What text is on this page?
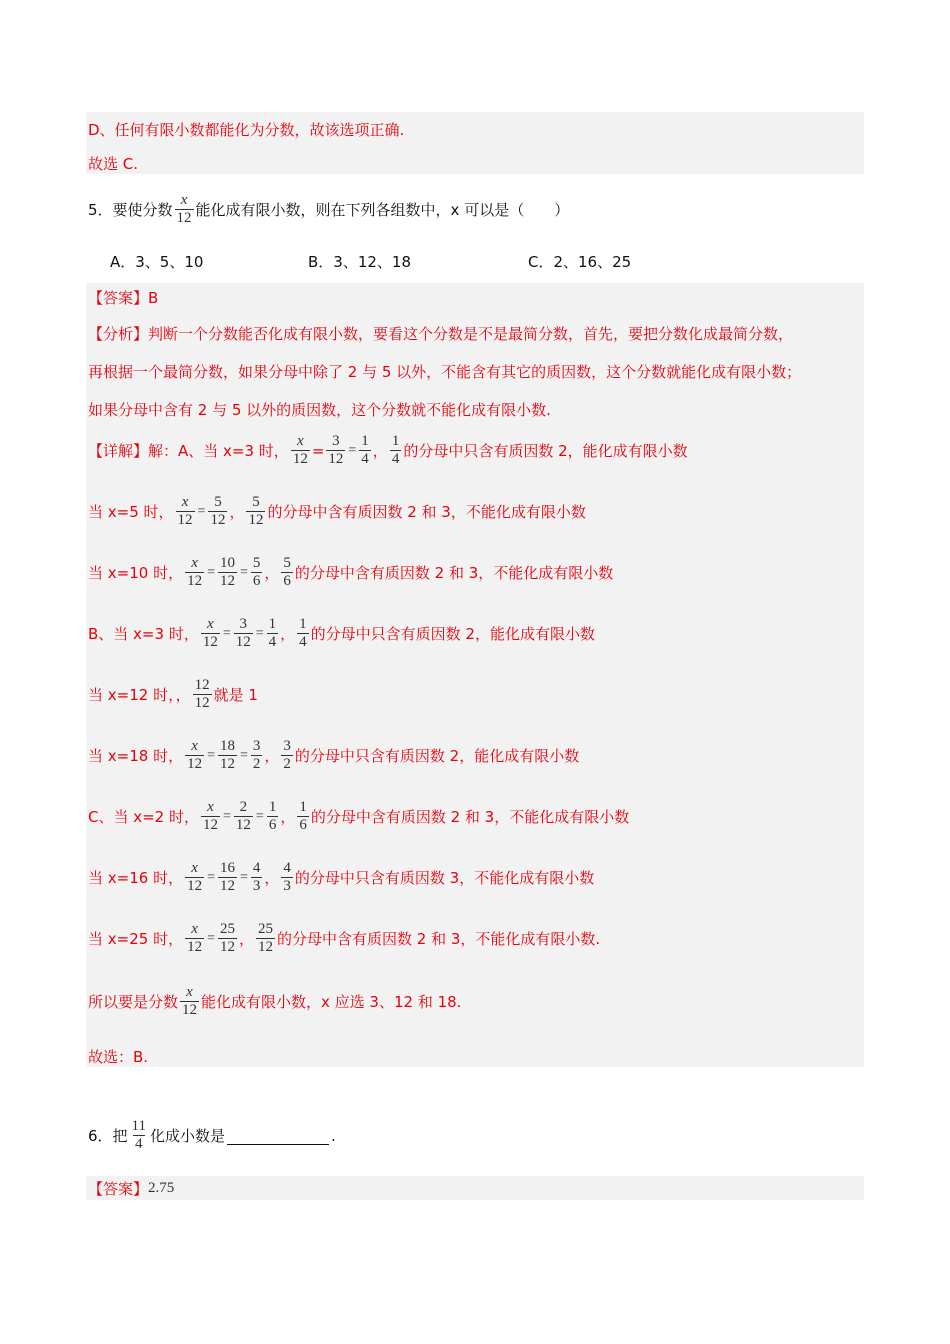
D、任何有限小数都能化为分数，故该选项正确.
故选 C.
5．要使分数 $\frac{x}{12}$ 能化成有限小数，则在下列各组数中，x 可以是（　　）
A．3、5、10	B．3、12、18	C．2、16、25
【答案】 B
【分析】 判断一个分数能否化成有限小数，要看这个分数是不是最简分数，首先，要把分数化成最简分数，
再根据一个最简分数，如果分母中除了 2 与 5 以外，不能含有其它的质因数，这个分数就能化成有限小数；
如果分母中含有 2 与 5 以外的质因数，这个分数就不能化成有限小数.
【详解】 解：A、当 x=3 时， $\frac{x}{12} = \frac{3}{12} = \frac{1}{4}$ ， $\frac{1}{4}$ 的分母中只含有质因数 2，能化成有限小数
当 x=5 时， $\frac{x}{12} = \frac{5}{12}$ ， $\frac{5}{12}$ 的分母中含有质因数 2 和 3，不能化成有限小数
当 x=10 时， $\frac{x}{12} = \frac{10}{12} = \frac{5}{6}$ ， $\frac{5}{6}$ 的分母中含有质因数 2 和 3，不能化成有限小数
B、当 x=3 时， $\frac{x}{12} = \frac{3}{12} = \frac{1}{4}$ ， $\frac{1}{4}$ 的分母中只含有质因数 2，能化成有限小数
当 x=12 时，， $\frac{12}{12}$ 就是 1
当 x=18 时， $\frac{x}{12} = \frac{18}{12} = \frac{3}{2}$ ， $\frac{3}{2}$ 的分母中只含有质因数 2，能化成有限小数
C、当 x=2 时， $\frac{x}{12} = \frac{2}{12} = \frac{1}{6}$ ， $\frac{1}{6}$ 的分母中含有质因数 2 和 3，不能化成有限小数
当 x=16 时， $\frac{x}{12} = \frac{16}{12} = \frac{4}{3}$ ， $\frac{4}{3}$ 的分母中只含有质因数 3，不能化成有限小数
当 x=25 时， $\frac{x}{12} = \frac{25}{12}$ ， $\frac{25}{12}$ 的分母中含有质因数 2 和 3，不能化成有限小数.
所以要是分数 $\frac{x}{12}$ 能化成有限小数，x 应选 3、12 和 18.
故选：B.
6．把 $\frac{11}{4}$ 化成小数是	.
【答案】 2.75
